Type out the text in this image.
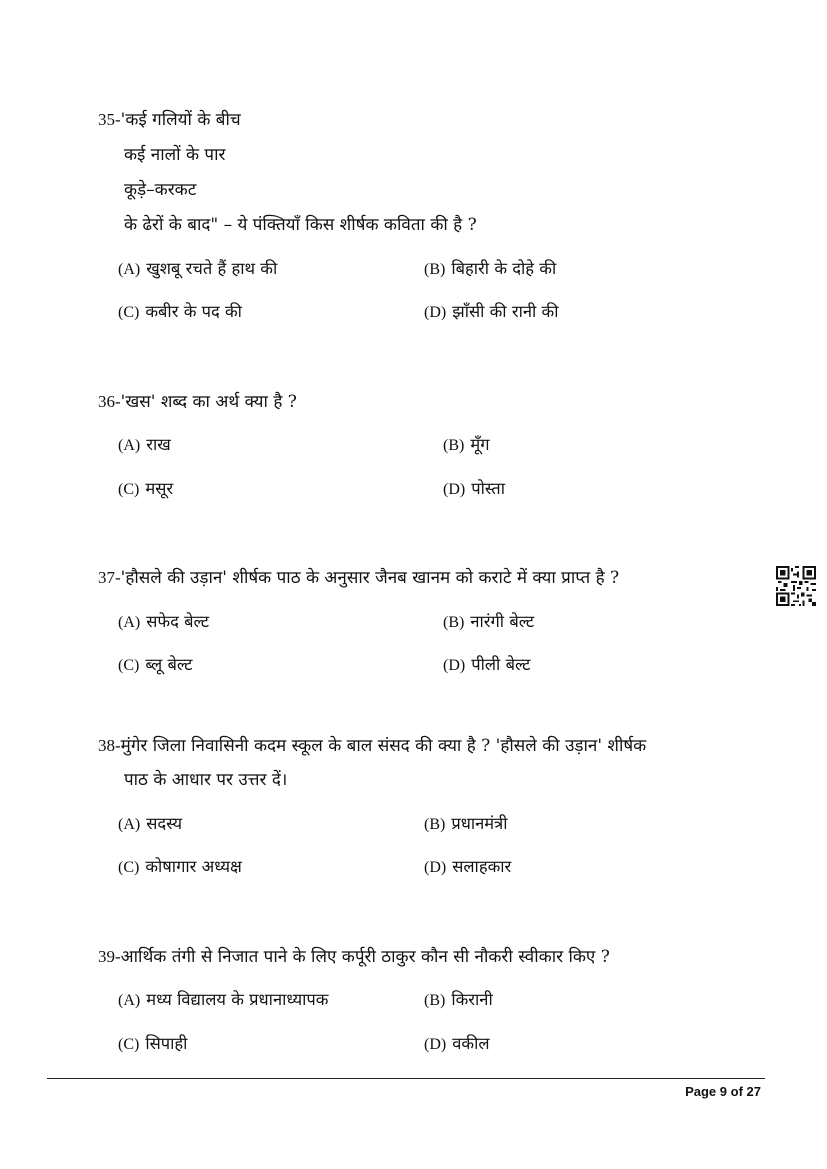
35-'कई गलियों के बीच
कई नालों के पार
कूड़े–करकट
के ढेरों के बाद" – ये पंक्तियाँ किस शीर्षक कविता की है ?
(A) खुशबू रचते हैं हाथ की	(B) बिहारी के दोहे की
(C) कबीर के पद की	(D) झाँसी की रानी की
36-'खस' शब्द का अर्थ क्या है ?
(A) राख	(B) मूँग
(C) मसूर	(D) पोस्ता
37-'हौसले की उड़ान' शीर्षक पाठ के अनुसार जैनब खानम को कराटे में क्या प्राप्त है ?
(A) सफेद बेल्ट	(B) नारंगी बेल्ट
(C) ब्लू बेल्ट	(D) पीली बेल्ट
38-मुंगेर जिला निवासिनी कदम स्कूल के बाल संसद की क्या है ? 'हौसले की उड़ान' शीर्षक
पाठ के आधार पर उत्तर दें।
(A) सदस्य	(B) प्रधानमंत्री
(C) कोषागार अध्यक्ष	(D) सलाहकार
39-आर्थिक तंगी से निजात पाने के लिए कर्पूरी ठाकुर कौन सी नौकरी स्वीकार किए ?
(A) मध्य विद्यालय के प्रधानाध्यापक	(B) किरानी
(C) सिपाही	(D) वकील
Page 9 of 27
